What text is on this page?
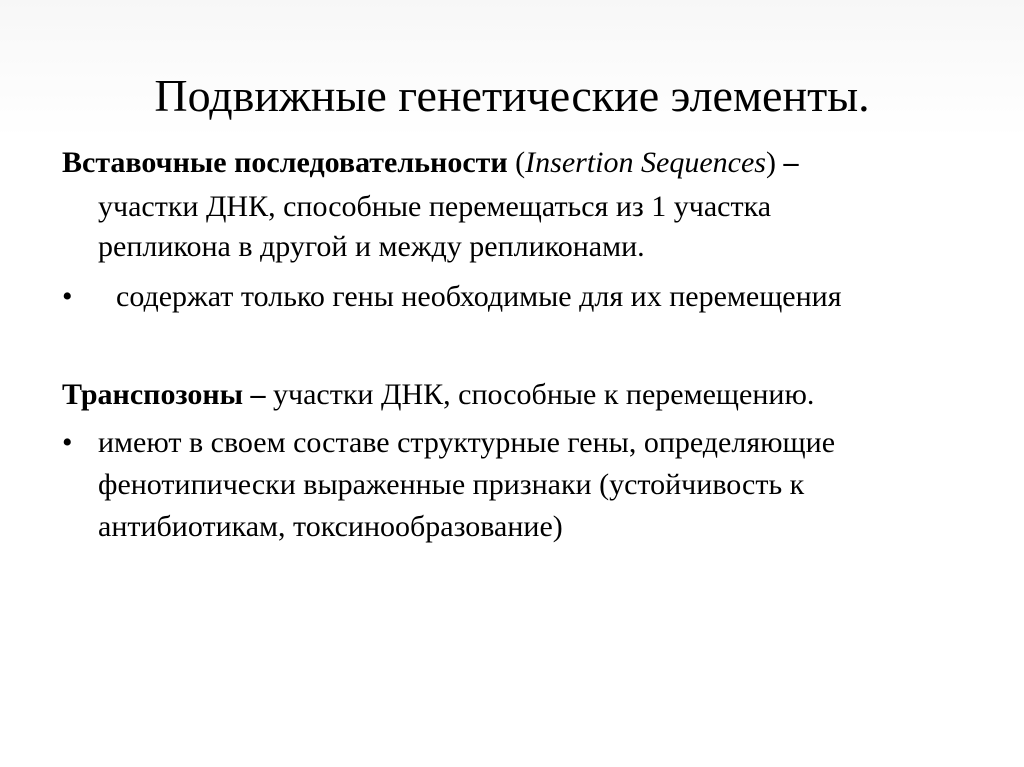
Подвижные генетические элементы.
Вставочные последовательности (Insertion Sequences) –
участки ДНК, способные перемещаться из 1 участка
репликона в другой и между репликонами.
• содержат только гены необходимые для их перемещения
Транспозоны – участки ДНК, способные к перемещению.
• имеют в своем составе структурные гены, определяющие
фенотипически выраженные признаки (устойчивость к
антибиотикам, токсинообразование)
